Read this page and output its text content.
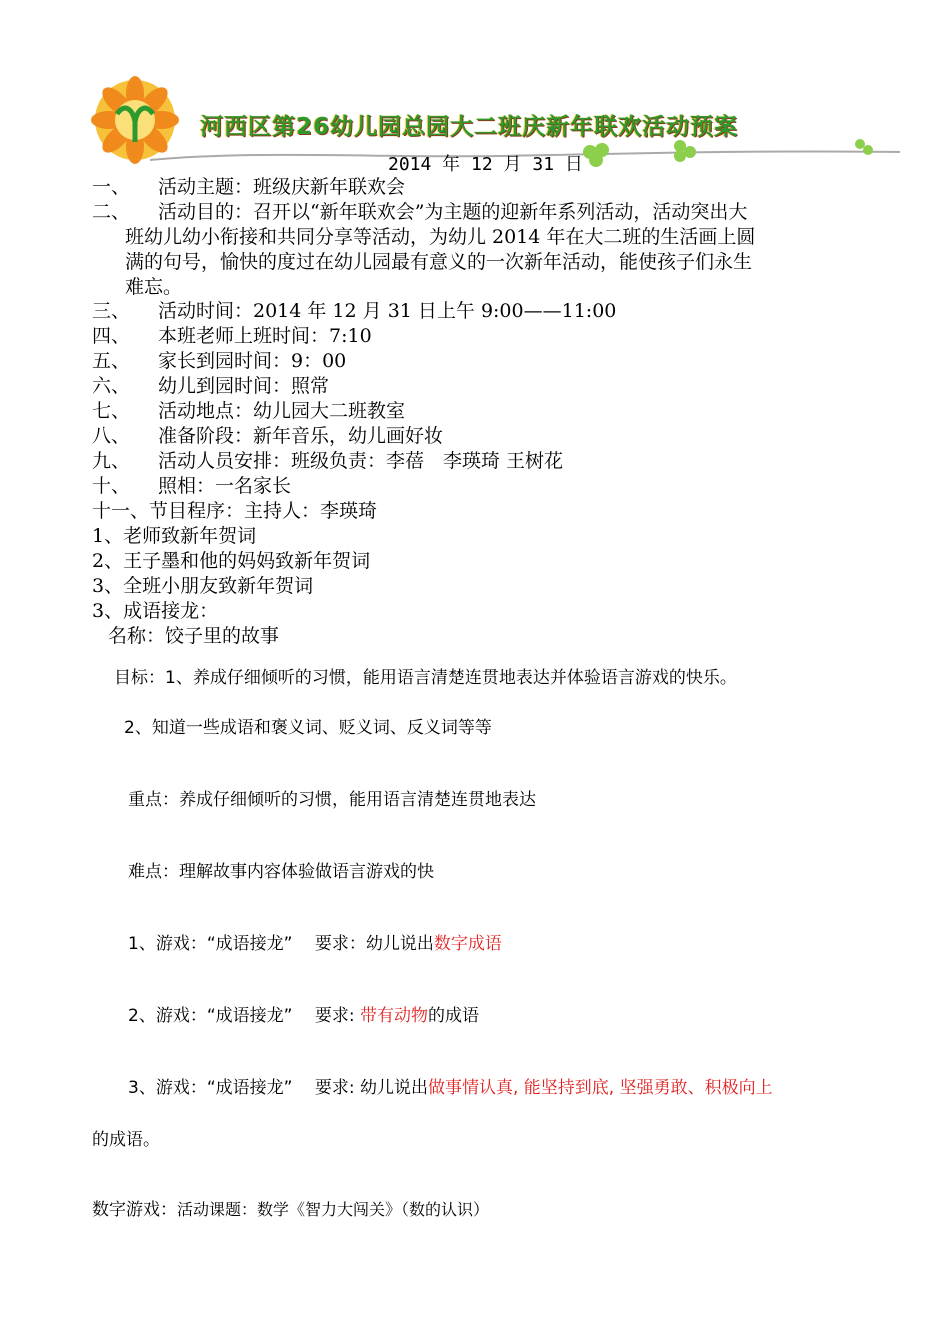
河西区第26幼儿园总园大二班庆新年联欢活动预案
2014 年 12 月 31 日
一、 活动主题：班级庆新年联欢会
二、 活动目的：召开以“新年联欢会”为主题的迎新年系列活动，活动突出大
班幼儿幼小衔接和共同分享等活动，为幼儿 2014 年在大二班的生活画上圆
满的句号，愉快的度过在幼儿园最有意义的一次新年活动，能使孩子们永生
难忘。
三、 活动时间：2014 年 12 月 31 日上午 9:00——11:00
四、 本班老师上班时间：7:10
五、 家长到园时间：9：00
六、 幼儿到园时间：照常
七、 活动地点：幼儿园大二班教室
八、 准备阶段：新年音乐，幼儿画好妆
九、 活动人员安排：班级负责：李蓓　李瑛琦 王树花
十、 照相：一名家长
十一、节目程序：主持人：李瑛琦
1、老师致新年贺词
2、王子墨和他的妈妈致新年贺词
3、全班小朋友致新年贺词
3、成语接龙：
名称：饺子里的故事
目标：1、养成仔细倾听的习惯，能用语言清楚连贯地表达并体验语言游戏的快乐。
2、知道一些成语和褒义词、贬义词、反义词等等
重点：养成仔细倾听的习惯，能用语言清楚连贯地表达
难点：理解故事内容体验做语言游戏的快
1、游戏：“成语接龙”　 要求：幼儿说出数字成语
2、游戏：“成语接龙”　 要求: 带有动物的成语
3、游戏：“成语接龙”　 要求: 幼儿说出做事情认真, 能坚持到底, 坚强勇敢、积极向上
的成语。
数字游戏：活动课题：数学《智力大闯关》（数的认识）
